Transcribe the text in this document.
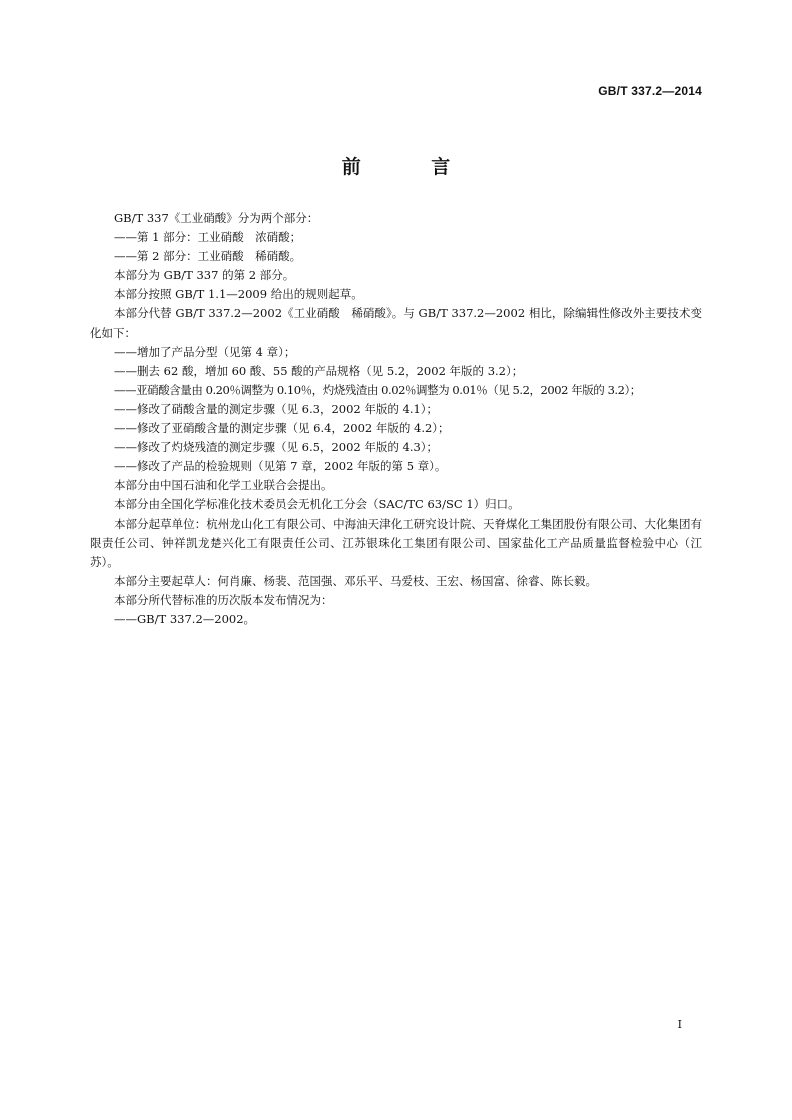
GB/T 337.2—2014
前 言

GB/T 337《工业硝酸》分为两个部分：

——第 1 部分：工业硝酸　浓硝酸；

——第 2 部分：工业硝酸　稀硝酸。

本部分为 GB/T 337 的第 2 部分。

本部分按照 GB/T 1.1—2009 给出的规则起草。

本部分代替 GB/T 337.2—2002《工业硝酸　稀硝酸》。与 GB/T 337.2—2002 相比，除编辑性修改外主要技术变化如下：

——增加了产品分型（见第 4 章）；

——删去 62 酸，增加 60 酸、55 酸的产品规格（见 5.2，2002 年版的 3.2）；

——亚硝酸含量由 0.20％调整为 0.10％，灼烧残渣由 0.02％调整为 0.01％（见 5.2，2002 年版的 3.2）；

——修改了硝酸含量的测定步骤（见 6.3，2002 年版的 4.1）；

——修改了亚硝酸含量的测定步骤（见 6.4，2002 年版的 4.2）；

——修改了灼烧残渣的测定步骤（见 6.5，2002 年版的 4.3）；

——修改了产品的检验规则（见第 7 章，2002 年版的第 5 章）。

本部分由中国石油和化学工业联合会提出。

本部分由全国化学标准化技术委员会无机化工分会（SAC/TC 63/SC 1）归口。

本部分起草单位：杭州龙山化工有限公司、中海油天津化工研究设计院、天脊煤化工集团股份有限公司、大化集团有限责任公司、钟祥凯龙楚兴化工有限责任公司、江苏银珠化工集团有限公司、国家盐化工产品质量监督检验中心（江苏）。

本部分主要起草人：何肖廉、杨裴、范国强、邓乐平、马爱枝、王宏、杨国富、徐睿、陈长毅。

本部分所代替标准的历次版本发布情况为：

——GB/T 337.2—2002。

I
